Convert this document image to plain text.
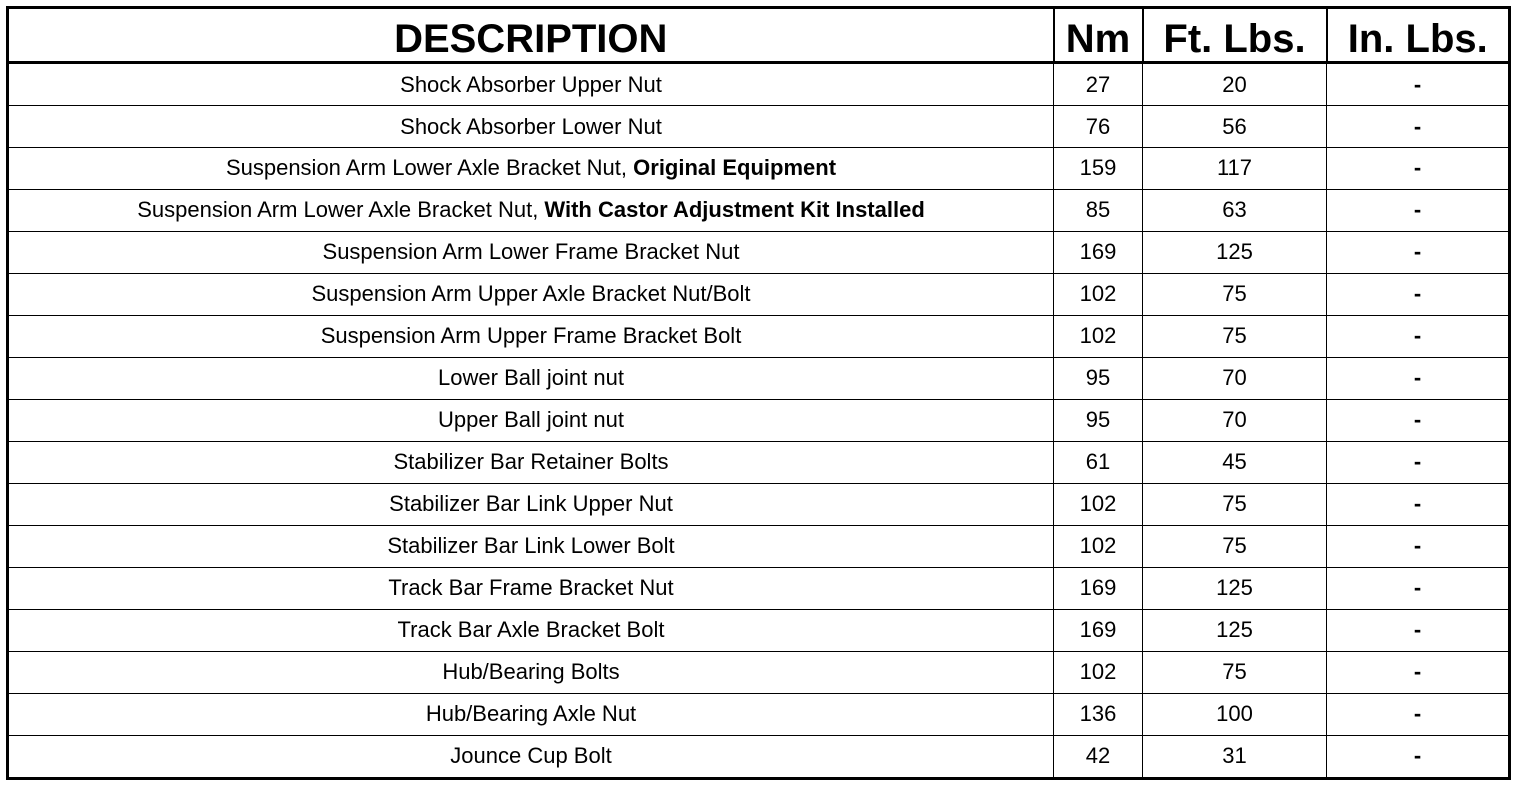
DESCRIPTION	Nm	Ft. Lbs.	In. Lbs.
Shock Absorber Upper Nut	27	20	-
Shock Absorber Lower Nut	76	56	-
Suspension Arm Lower Axle Bracket Nut, Original Equipment	159	117	-
Suspension Arm Lower Axle Bracket Nut, With Castor Adjustment Kit Installed	85	63	-
Suspension Arm Lower Frame Bracket Nut	169	125	-
Suspension Arm Upper Axle Bracket Nut/Bolt	102	75	-
Suspension Arm Upper Frame Bracket Bolt	102	75	-
Lower Ball joint nut	95	70	-
Upper Ball joint nut	95	70	-
Stabilizer Bar Retainer Bolts	61	45	-
Stabilizer Bar Link Upper Nut	102	75	-
Stabilizer Bar Link Lower Bolt	102	75	-
Track Bar Frame Bracket Nut	169	125	-
Track Bar Axle Bracket Bolt	169	125	-
Hub/Bearing Bolts	102	75	-
Hub/Bearing Axle Nut	136	100	-
Jounce Cup Bolt	42	31	-
